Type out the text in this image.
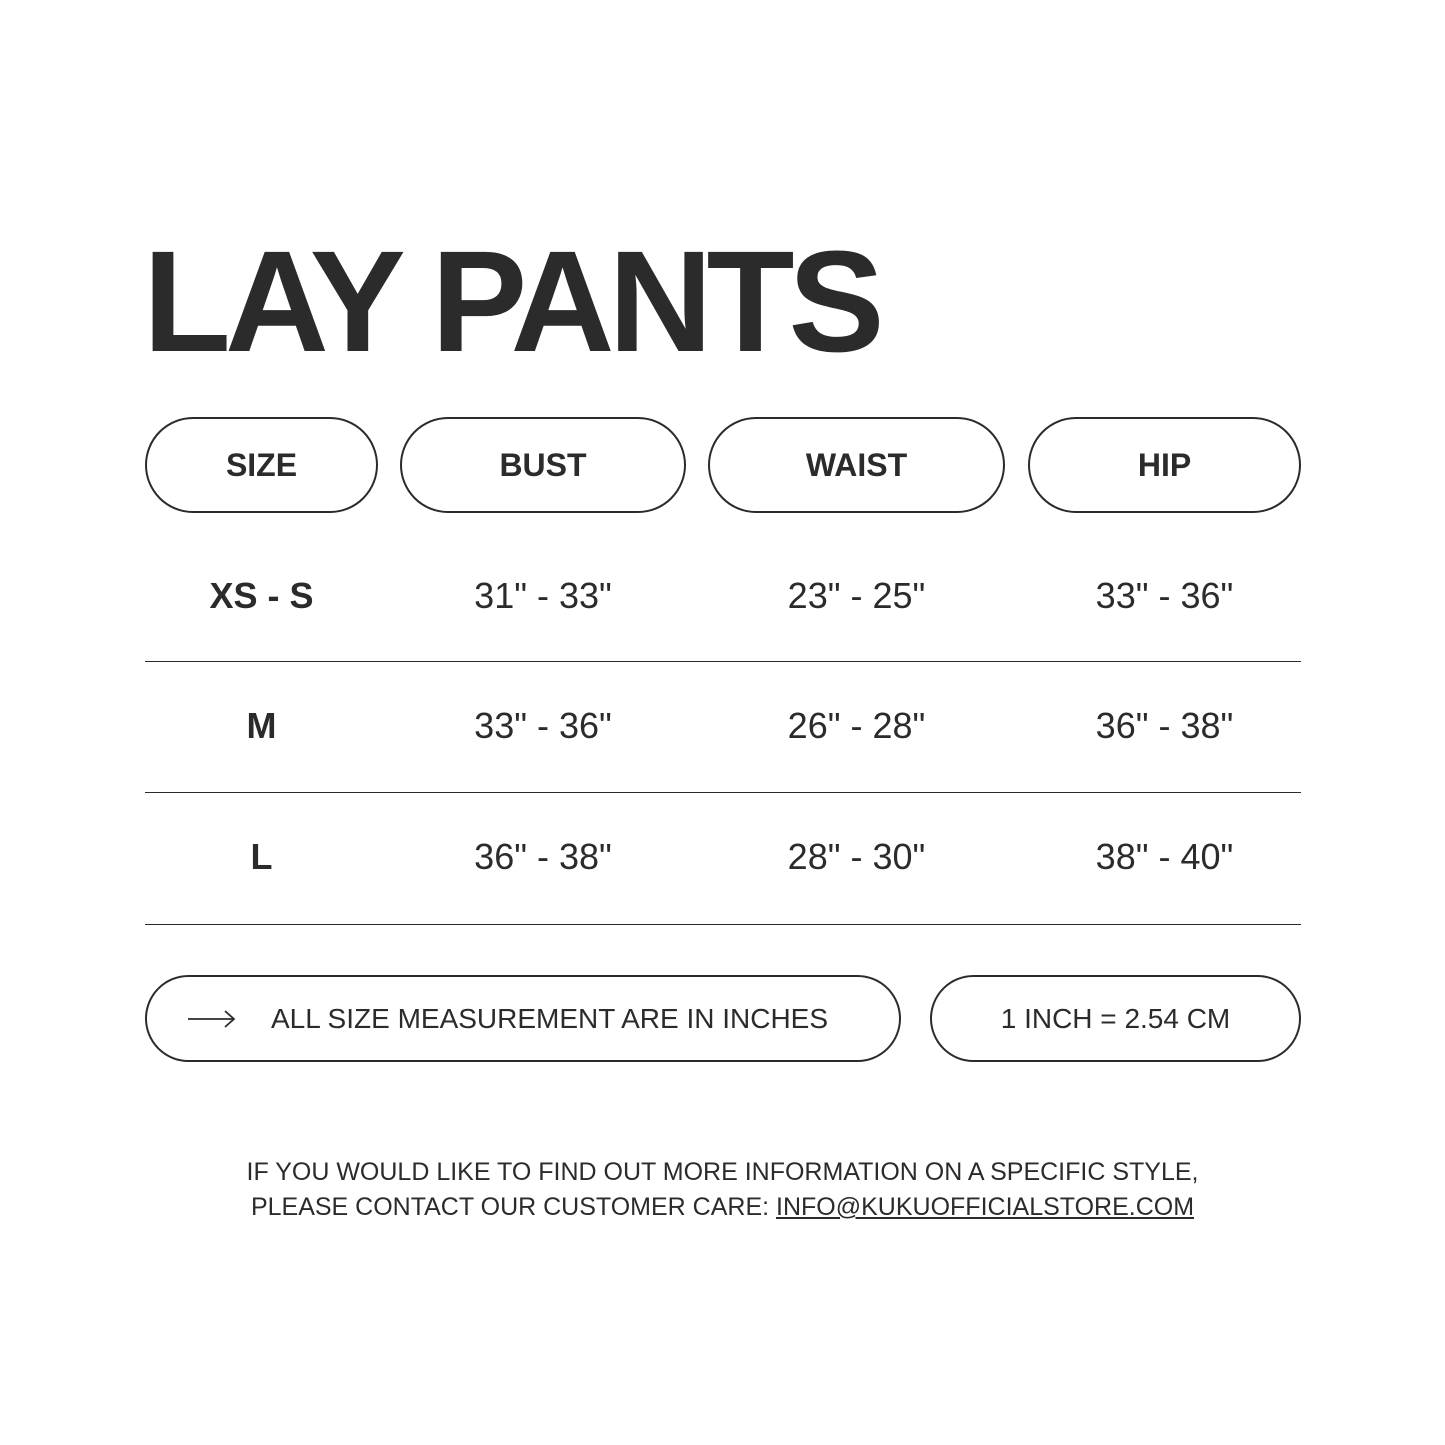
LAY PANTS
SIZE	BUST	WAIST	HIP
XS - S	31" - 33"	23" - 25"	33" - 36"
M	33" - 36"	26" - 28"	36" - 38"
L	36" - 38"	28" - 30"	38" - 40"
ALL SIZE MEASUREMENT ARE IN INCHES	1 INCH = 2.54 CM
IF YOU WOULD LIKE TO FIND OUT MORE INFORMATION ON A SPECIFIC STYLE,
PLEASE CONTACT OUR CUSTOMER CARE: INFO@KUKUOFFICIALSTORE.COM
